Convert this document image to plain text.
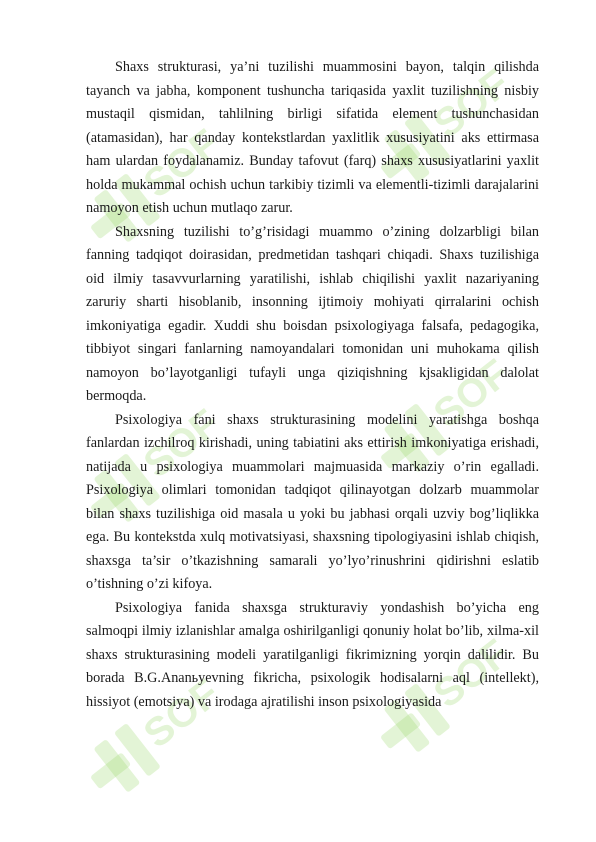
SOF
SOF
SOF
SOF
SOF	SOF

Shaxs strukturasi, ya’ni tuzilishi muammosini bayon, talqin qilishda tayanch va jabha, komponent tushuncha tariqasida yaxlit tuzilishning nisbiy mustaqil qismidan, tahlilning birligi sifatida element tushunchasidan (atamasidan), har qanday kontekstlardan yaxlitlik xususiyatini aks ettirmasa ham ulardan foydalanamiz. Bunday tafovut (farq) shaxs xususiyatlarini yaxlit holda mukammal ochish uchun tarkibiy tizimli va elementli-tizimli darajalarini namoyon etish uchun mutlaqo zarur.

Shaxsning tuzilishi to’g’risidagi muammo o’zining dolzarbligi bilan fanning tadqiqot doirasidan, predmetidan tashqari chiqadi. Shaxs tuzilishiga oid ilmiy tasavvurlarning yaratilishi, ishlab chiqilishi yaxlit nazariyaning zaruriy sharti hisoblanib, insonning ijtimoiy mohiyati qirralarini ochish imkoniyatiga egadir. Xuddi shu boisdan psixologiyaga falsafa, pedagogika, tibbiyot singari fanlarning namoyandalari tomonidan uni muhokama qilish namoyon bo’layotganligi tufayli unga qiziqishning kjsakligidan dalolat bermoqda.

Psixologiya fani shaxs strukturasining modelini yaratishga boshqa fanlardan izchilroq kirishadi, uning tabiatini aks ettirish imkoniyatiga erishadi, natijada u psixologiya muammolari majmuasida markaziy o’rin egalladi. Psixologiya olimlari tomonidan tadqiqot qilinayotgan dolzarb muammolar bilan shaxs tuzilishiga oid masala u yoki bu jabhasi orqali uzviy bog’liqlikka ega. Bu kontekstda xulq motivatsiyasi, shaxsning tipologiyasini ishlab chiqish, shaxsga ta’sir o’tkazishning samarali yo’lyo’rinushrini qidirishni eslatib o’tishning o’zi kifoya.

Psixologiya fanida shaxsga strukturaviy yondashish bo’yicha eng salmoqpi ilmiy izlanishlar amalga oshirilganligi qonuniy holat bo’lib, xilma-xil shaxs strukturasining modeli yaratilganligi fikrimizning yorqin dalilidir. Bu borada B.G.Ananьyevning fikricha, psixologik hodisalarni aql (intellekt), hissiyot (emotsiya) va irodaga ajratilishi inson psixologiyasida
